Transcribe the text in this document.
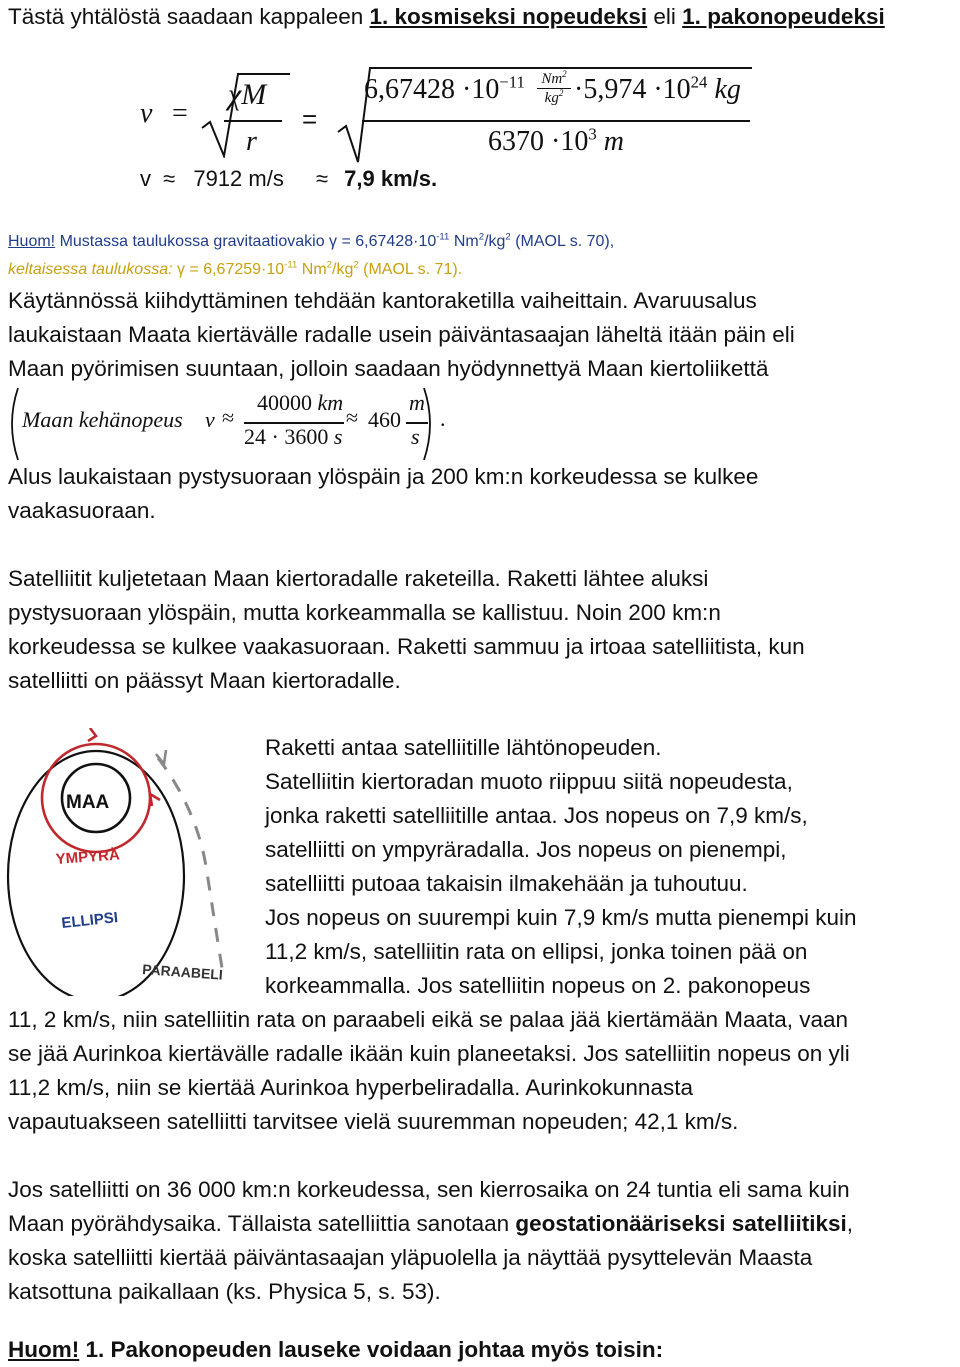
Tästä yhtälöstä saadaan kappaleen 1. kosmiseksi nopeudeksi eli 1. pakonopeudeksi
v =
χM
r
=
$6,67428 \cdot 10^{-11}$ Nm$^2$
$kg^2 \cdot 5,974 \cdot 10^{24}$ kg
$6370 \cdot 10^3$ m
v ≈ 7912 m/s ≈ 7,9 km/s.
Huom! Mustassa taulukossa gravitaatiovakio $\gamma = 6,67428\cdot 10^{-11}$ $Nm^2/kg^2$ (MAOL s. 70),
keltaisessa taulukossa: $\gamma = 6,67259\cdot 10^{-11}$ $Nm^2/kg^2$ (MAOL s. 71).
Käytännössä kiihdyttäminen tehdään kantoraketilla vaiheittain. Avaruusalus
laukaistaan Maata kiertävälle radalle usein päiväntasaajan läheltä itään päin eli
Maan pyörimisen suuntaan, jolloin saadaan hyödynnettyä Maan kiertoliikettä
Maan kehänopeus v ≈
40000 km
24 · 3600 s
≈ 460
m
s
.
Alus laukaistaan pystysuoraan ylöspäin ja 200 km:n korkeudessa se kulkee
vaakasuoraan.
Satelliitit kuljetetaan Maan kiertoradalle raketeilla. Raketti lähtee aluksi
pystysuoraan ylöspäin, mutta korkeammalla se kallistuu. Noin 200 km:n
korkeudessa se kulkee vaakasuoraan. Raketti sammuu ja irtoaa satelliitista, kun
satelliitti on päässyt Maan kiertoradalle.
MAA
YMPYRÄ
ELLIPSI
PARAABELI
Raketti antaa satelliitille lähtönopeuden.
Satelliitin kiertoradan muoto riippuu siitä nopeudesta,
jonka raketti satelliitille antaa. Jos nopeus on 7,9 km/s,
satelliitti on ympyräradalla. Jos nopeus on pienempi,
satelliitti putoaa takaisin ilmakehään ja tuhoutuu.
Jos nopeus on suurempi kuin 7,9 km/s mutta pienempi kuin
11,2 km/s, satelliitin rata on ellipsi, jonka toinen pää on
korkeammalla. Jos satelliitin nopeus on 2. pakonopeus
11, 2 km/s, niin satelliitin rata on paraabeli eikä se palaa jää kiertämään Maata, vaan
se jää Aurinkoa kiertävälle radalle ikään kuin planeetaksi. Jos satelliitin nopeus on yli
11,2 km/s, niin se kiertää Aurinkoa hyperbeliradalla. Aurinkokunnasta
vapautuakseen satelliitti tarvitsee vielä suuremman nopeuden; 42,1 km/s.
Jos satelliitti on 36 000 km:n korkeudessa, sen kierrosaika on 24 tuntia eli sama kuin
Maan pyörähdysaika. Tällaista satelliittia sanotaan geostationääriseksi satelliitiksi,
koska satelliitti kiertää päiväntasaajan yläpuolella ja näyttää pysyttelevän Maasta
katsottuna paikallaan (ks. Physica 5, s. 53).
Huom! 1. Pakonopeuden lauseke voidaan johtaa myös toisin:
